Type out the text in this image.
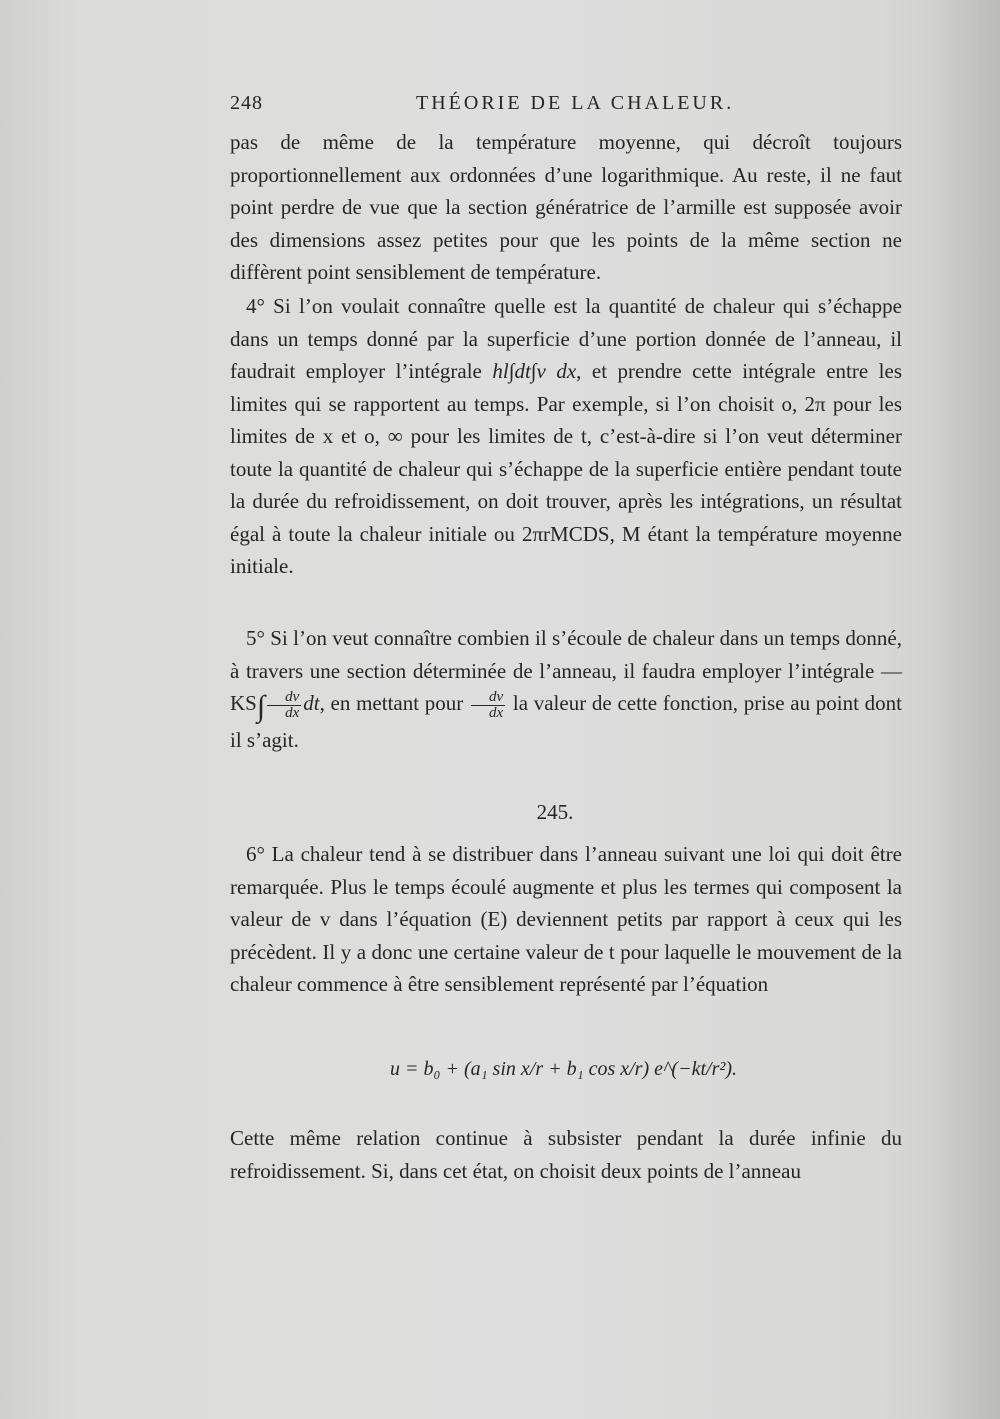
248	THÉORIE DE LA CHALEUR.

pas de même de la température moyenne, qui décroît toujours proportionnellement aux ordonnées d’une logarithmique. Au reste, il ne faut point perdre de vue que la section génératrice de l’armille est supposée avoir des dimensions assez petites pour que les points de la même section ne diffèrent point sensiblement de température.

4° Si l’on voulait connaître quelle est la quantité de chaleur qui s’échappe dans un temps donné par la superficie d’une portion donnée de l’anneau, il faudrait employer l’intégrale hl∫dt∫v dx, et prendre cette intégrale entre les limites qui se rapportent au temps. Par exemple, si l’on choisit o, 2π pour les limites de x et o, ∞ pour les limites de t, c’est-à-dire si l’on veut déterminer toute la quantité de chaleur qui s’échappe de la superficie entière pendant toute la durée du refroidissement, on doit trouver, après les intégrations, un résultat égal à toute la chaleur initiale ou 2πrMCDS, M étant la température moyenne initiale.

5° Si l’on veut connaître combien il s’écoule de chaleur dans un temps donné, à travers une section déterminée de l’anneau, il faudra employer l’intégrale — $KS\int \frac{dv}{dx}$ dt, en mettant pour $\frac{dv}{dx}$ la valeur de cette fonction, prise au point dont il s’agit.

245.

6° La chaleur tend à se distribuer dans l’anneau suivant une loi qui doit être remarquée. Plus le temps écoulé augmente et plus les termes qui composent la valeur de v dans l’équation (E) deviennent petits par rapport à ceux qui les précèdent. Il y a donc une certaine valeur de t pour laquelle le mouvement de la chaleur commence à être sensiblement représenté par l’équation

u = b₀ + (a₁ sin x/r + b₁ cos x/r) e^(−kt/r²).

Cette même relation continue à subsister pendant la durée infinie du refroidissement. Si, dans cet état, on choisit deux points de l’anneau
